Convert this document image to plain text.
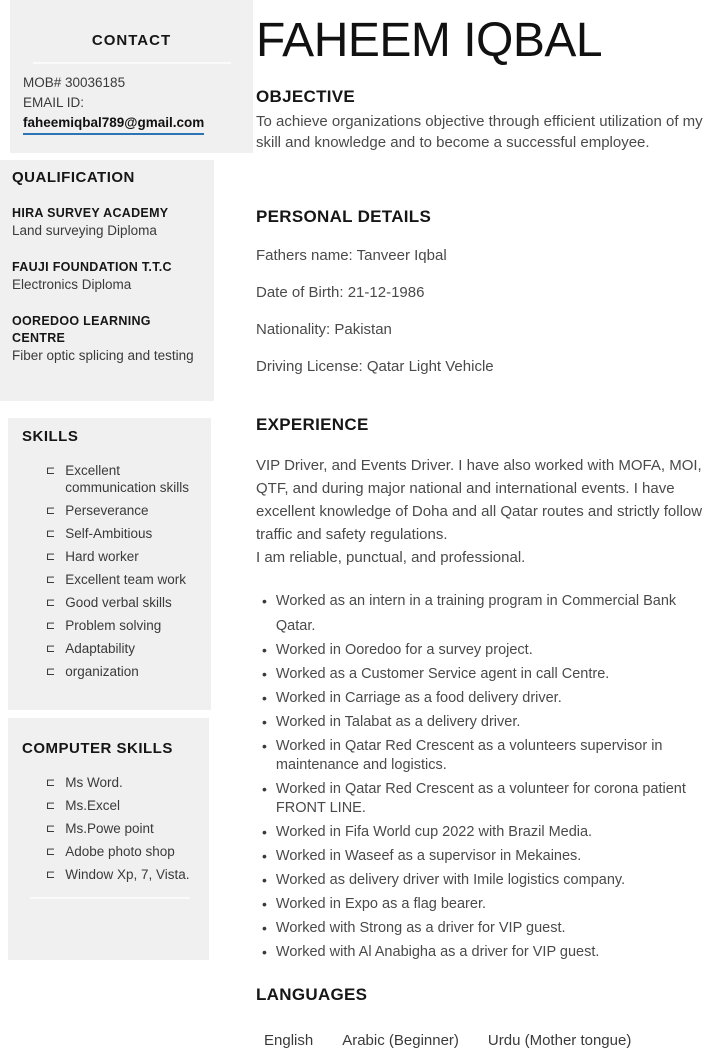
CONTACT

MOB# 30036185

EMAIL ID:

faheemiqbal789@gmail.com

QUALIFICATION

HIRA SURVEY ACADEMY

Land surveying Diploma

FAUJI FOUNDATION T.T.C

Electronics Diploma

OOREDOO LEARNING CENTRE

Fiber optic splicing and testing

SKILLS
⊏ Excellent communication skills
⊏ Perseverance
⊏ Self-Ambitious
⊏ Hard worker
⊏ Excellent team work
⊏ Good verbal skills
⊏ Problem solving
⊏ Adaptability
⊏ organization
COMPUTER SKILLS
⊏ Ms Word.
⊏ Ms.Excel
⊏ Ms.Powe point
⊏ Adobe photo shop
⊏ Window Xp, 7, Vista.
FAHEEM IQBAL
OBJECTIVE

To achieve organizations objective through efficient utilization of my skill and knowledge and to become a successful employee.

PERSONAL DETAILS

Fathers name: Tanveer Iqbal

Date of Birth: 21-12-1986

Nationality: Pakistan

Driving License: Qatar Light Vehicle

EXPERIENCE

VIP Driver, and Events Driver. I have also worked with MOFA, MOI, QTF, and during major national and international events. I have excellent knowledge of Doha and all Qatar routes and strictly follow traffic and safety regulations.

I am reliable, punctual, and professional.

• Worked as an intern in a training program in Commercial Bank Qatar.
• Worked in Ooredoo for a survey project.
• Worked as a Customer Service agent in call Centre.
• Worked in Carriage as a food delivery driver.
• Worked in Talabat as a delivery driver.
• Worked in Qatar Red Crescent as a volunteers supervisor in maintenance and logistics.
• Worked in Qatar Red Crescent as a volunteer for corona patient FRONT LINE.
• Worked in Fifa World cup 2022 with Brazil Media.
• Worked in Waseef as a supervisor in Mekaines.
• Worked as delivery driver with Imile logistics company.
• Worked in Expo as a flag bearer.
• Worked with Strong as a driver for VIP guest.
• Worked with Al Anabigha as a driver for VIP guest.
LANGUAGES
English Arabic (Beginner) Urdu (Mother tongue)
